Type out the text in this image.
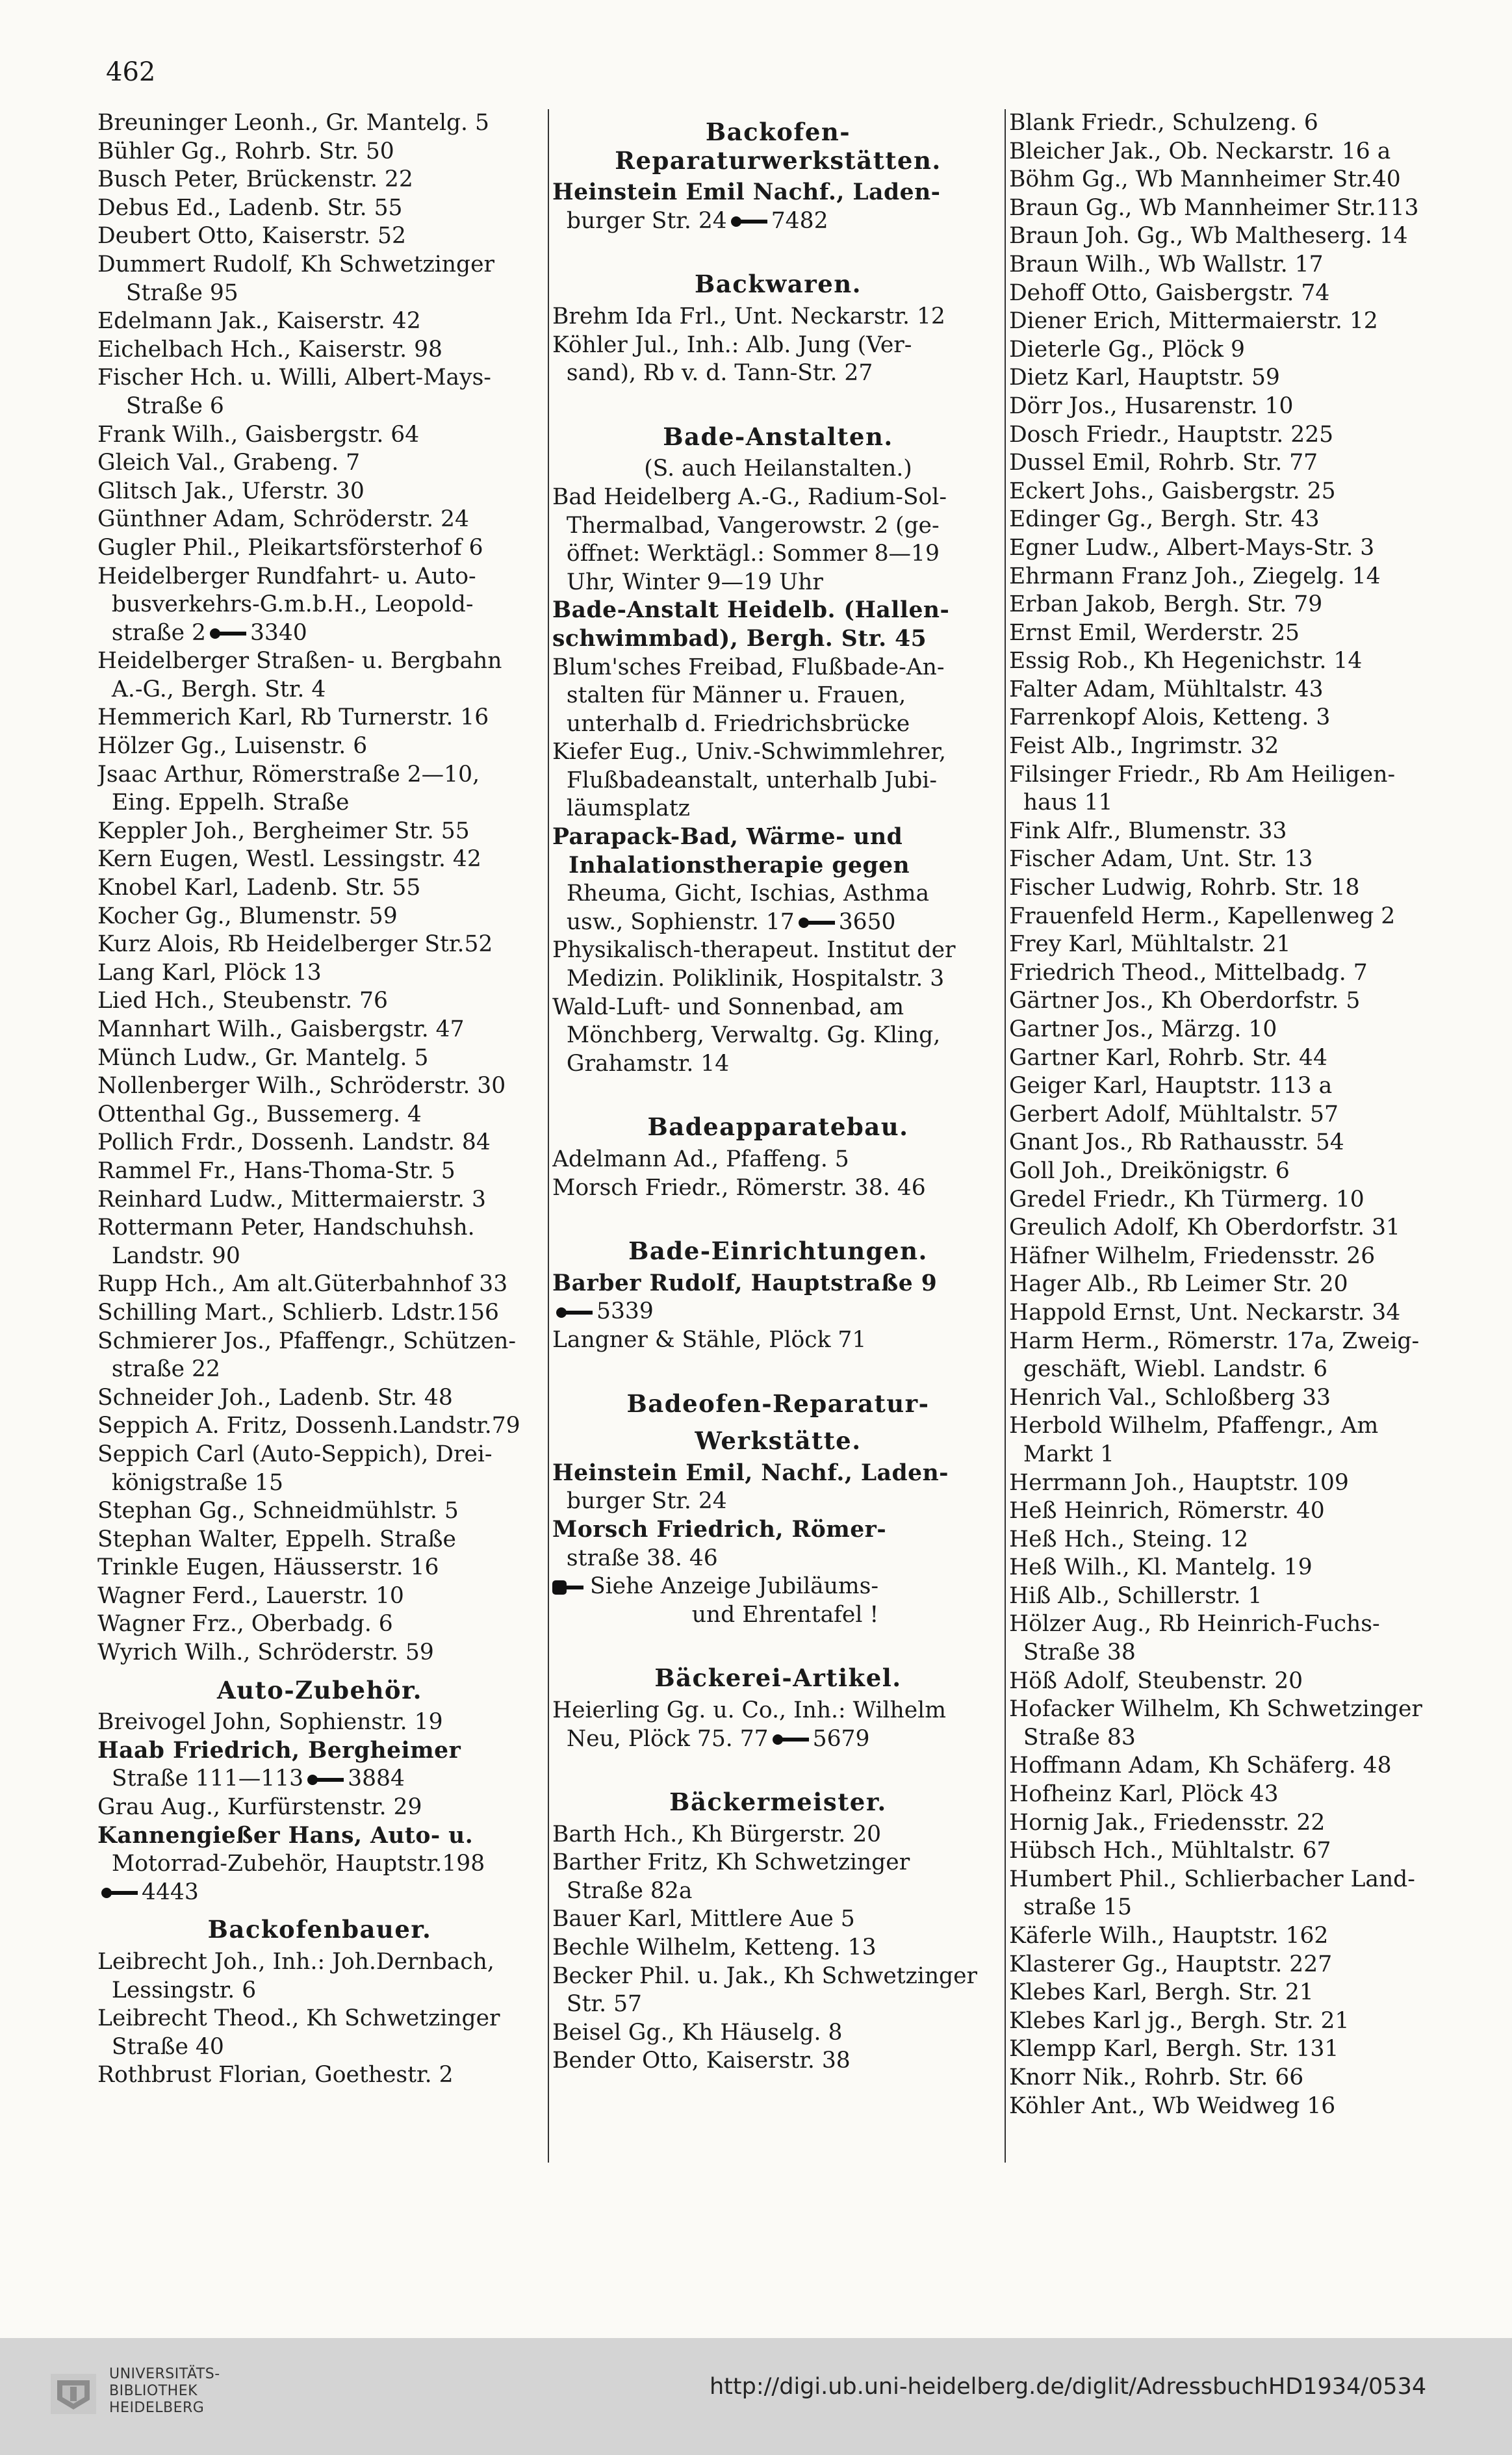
462
Breuninger Leonh., Gr. Mantelg. 5
Bühler Gg., Rohrb. Str. 50
Busch Peter, Brückenstr. 22
Debus Ed., Ladenb. Str. 55
Deubert Otto, Kaiserstr. 52
Dummert Rudolf, Kh Schwetzinger
Straße 95
Edelmann Jak., Kaiserstr. 42
Eichelbach Hch., Kaiserstr. 98
Fischer Hch. u. Willi, Albert-Mays-
Straße 6
Frank Wilh., Gaisbergstr. 64
Gleich Val., Grabeng. 7
Glitsch Jak., Uferstr. 30
Günthner Adam, Schröderstr. 24
Gugler Phil., Pleikartsförsterhof 6
Heidelberger Rundfahrt- u. Auto-
busverkehrs-G.m.b.H., Leopold-
straße 2 3340
Heidelberger Straßen- u. Bergbahn
A.-G., Bergh. Str. 4
Hemmerich Karl, Rb Turnerstr. 16
Hölzer Gg., Luisenstr. 6
Jsaac Arthur, Römerstraße 2—10,
Eing. Eppelh. Straße
Keppler Joh., Bergheimer Str. 55
Kern Eugen, Westl. Lessingstr. 42
Knobel Karl, Ladenb. Str. 55
Kocher Gg., Blumenstr. 59
Kurz Alois, Rb Heidelberger Str.52
Lang Karl, Plöck 13
Lied Hch., Steubenstr. 76
Mannhart Wilh., Gaisbergstr. 47
Münch Ludw., Gr. Mantelg. 5
Nollenberger Wilh., Schröderstr. 30
Ottenthal Gg., Bussemerg. 4
Pollich Frdr., Dossenh. Landstr. 84
Rammel Fr., Hans-Thoma-Str. 5
Reinhard Ludw., Mittermaierstr. 3
Rottermann Peter, Handschuhsh.
Landstr. 90
Rupp Hch., Am alt.Güterbahnhof 33
Schilling Mart., Schlierb. Ldstr.156
Schmierer Jos., Pfaffengr., Schützen-
straße 22
Schneider Joh., Ladenb. Str. 48
Seppich A. Fritz, Dossenh.Landstr.79
Seppich Carl (Auto-Seppich), Drei-
königstraße 15
Stephan Gg., Schneidmühlstr. 5
Stephan Walter, Eppelh. Straße
Trinkle Eugen, Häusserstr. 16
Wagner Ferd., Lauerstr. 10
Wagner Frz., Oberbadg. 6
Wyrich Wilh., Schröderstr. 59
Auto-Zubehör.
Breivogel John, Sophienstr. 19
Haab Friedrich, Bergheimer
Straße 111—113 3884
Grau Aug., Kurfürstenstr. 29
Kannengießer Hans, Auto- u.
Motorrad-Zubehör, Hauptstr.198
4443
Backofenbauer.
Leibrecht Joh., Inh.: Joh.Dernbach,
Lessingstr. 6
Leibrecht Theod., Kh Schwetzinger
Straße 40
Rothbrust Florian, Goethestr. 2
Backofen-Reparaturwerkstätten.
Heinstein Emil Nachf., Laden-
burger Str. 24 7482
Backwaren.
Brehm Ida Frl., Unt. Neckarstr. 12
Köhler Jul., Inh.: Alb. Jung (Ver-
sand), Rb v. d. Tann-Str. 27
Bade-Anstalten.
(S. auch Heilanstalten.)
Bad Heidelberg A.-G., Radium-Sol-
Thermalbad, Vangerowstr. 2 (ge-
öffnet: Werktägl.: Sommer 8—19
Uhr, Winter 9—19 Uhr
Bade-Anstalt Heidelb. (Hallen-
schwimmbad), Bergh. Str. 45
Blum'sches Freibad, Flußbade-An-
stalten für Männer u. Frauen,
unterhalb d. Friedrichsbrücke
Kiefer Eug., Univ.-Schwimmlehrer,
Flußbadeanstalt, unterhalb Jubi-
läumsplatz
Parapack-Bad, Wärme- und
Inhalationstherapie gegen
Rheuma, Gicht, Ischias, Asthma
usw., Sophienstr. 17 3650
Physikalisch-therapeut. Institut der
Medizin. Poliklinik, Hospitalstr. 3
Wald-Luft- und Sonnenbad, am
Mönchberg, Verwaltg. Gg. Kling,
Grahamstr. 14
Badeapparatebau.
Adelmann Ad., Pfaffeng. 5
Morsch Friedr., Römerstr. 38. 46
Bade-Einrichtungen.
Barber Rudolf, Hauptstraße 9
5339
Langner & Stähle, Plöck 71
Badeofen-Reparatur-
Werkstätte.
Heinstein Emil, Nachf., Laden-
burger Str. 24
Morsch Friedrich, Römer-
straße 38. 46
Siehe Anzeige Jubiläums-
und Ehrentafel !
Bäckerei-Artikel.
Heierling Gg. u. Co., Inh.: Wilhelm
Neu, Plöck 75. 77 5679
Bäckermeister.
Barth Hch., Kh Bürgerstr. 20
Barther Fritz, Kh Schwetzinger
Straße 82a
Bauer Karl, Mittlere Aue 5
Bechle Wilhelm, Ketteng. 13
Becker Phil. u. Jak., Kh Schwetzinger
Str. 57
Beisel Gg., Kh Häuselg. 8
Bender Otto, Kaiserstr. 38
Blank Friedr., Schulzeng. 6
Bleicher Jak., Ob. Neckarstr. 16 a
Böhm Gg., Wb Mannheimer Str.40
Braun Gg., Wb Mannheimer Str.113
Braun Joh. Gg., Wb Maltheserg. 14
Braun Wilh., Wb Wallstr. 17
Dehoff Otto, Gaisbergstr. 74
Diener Erich, Mittermaierstr. 12
Dieterle Gg., Plöck 9
Dietz Karl, Hauptstr. 59
Dörr Jos., Husarenstr. 10
Dosch Friedr., Hauptstr. 225
Dussel Emil, Rohrb. Str. 77
Eckert Johs., Gaisbergstr. 25
Edinger Gg., Bergh. Str. 43
Egner Ludw., Albert-Mays-Str. 3
Ehrmann Franz Joh., Ziegelg. 14
Erban Jakob, Bergh. Str. 79
Ernst Emil, Werderstr. 25
Essig Rob., Kh Hegenichstr. 14
Falter Adam, Mühltalstr. 43
Farrenkopf Alois, Ketteng. 3
Feist Alb., Ingrimstr. 32
Filsinger Friedr., Rb Am Heiligen-
haus 11
Fink Alfr., Blumenstr. 33
Fischer Adam, Unt. Str. 13
Fischer Ludwig, Rohrb. Str. 18
Frauenfeld Herm., Kapellenweg 2
Frey Karl, Mühltalstr. 21
Friedrich Theod., Mittelbadg. 7
Gärtner Jos., Kh Oberdorfstr. 5
Gartner Jos., Märzg. 10
Gartner Karl, Rohrb. Str. 44
Geiger Karl, Hauptstr. 113 a
Gerbert Adolf, Mühltalstr. 57
Gnant Jos., Rb Rathausstr. 54
Goll Joh., Dreikönigstr. 6
Gredel Friedr., Kh Türmerg. 10
Greulich Adolf, Kh Oberdorfstr. 31
Häfner Wilhelm, Friedensstr. 26
Hager Alb., Rb Leimer Str. 20
Happold Ernst, Unt. Neckarstr. 34
Harm Herm., Römerstr. 17a, Zweig-
geschäft, Wiebl. Landstr. 6
Henrich Val., Schloßberg 33
Herbold Wilhelm, Pfaffengr., Am
Markt 1
Herrmann Joh., Hauptstr. 109
Heß Heinrich, Römerstr. 40
Heß Hch., Steing. 12
Heß Wilh., Kl. Mantelg. 19
Hiß Alb., Schillerstr. 1
Hölzer Aug., Rb Heinrich-Fuchs-
Straße 38
Höß Adolf, Steubenstr. 20
Hofacker Wilhelm, Kh Schwetzinger
Straße 83
Hoffmann Adam, Kh Schäferg. 48
Hofheinz Karl, Plöck 43
Hornig Jak., Friedensstr. 22
Hübsch Hch., Mühltalstr. 67
Humbert Phil., Schlierbacher Land-
straße 15
Käferle Wilh., Hauptstr. 162
Klasterer Gg., Hauptstr. 227
Klebes Karl, Bergh. Str. 21
Klebes Karl jg., Bergh. Str. 21
Klempp Karl, Bergh. Str. 131
Knorr Nik., Rohrb. Str. 66
Köhler Ant., Wb Weidweg 16
UNIVERSITÄTS-
BIBLIOTHEK
HEIDELBERG
http://digi.ub.uni-heidelberg.de/diglit/AdressbuchHD1934/0534
